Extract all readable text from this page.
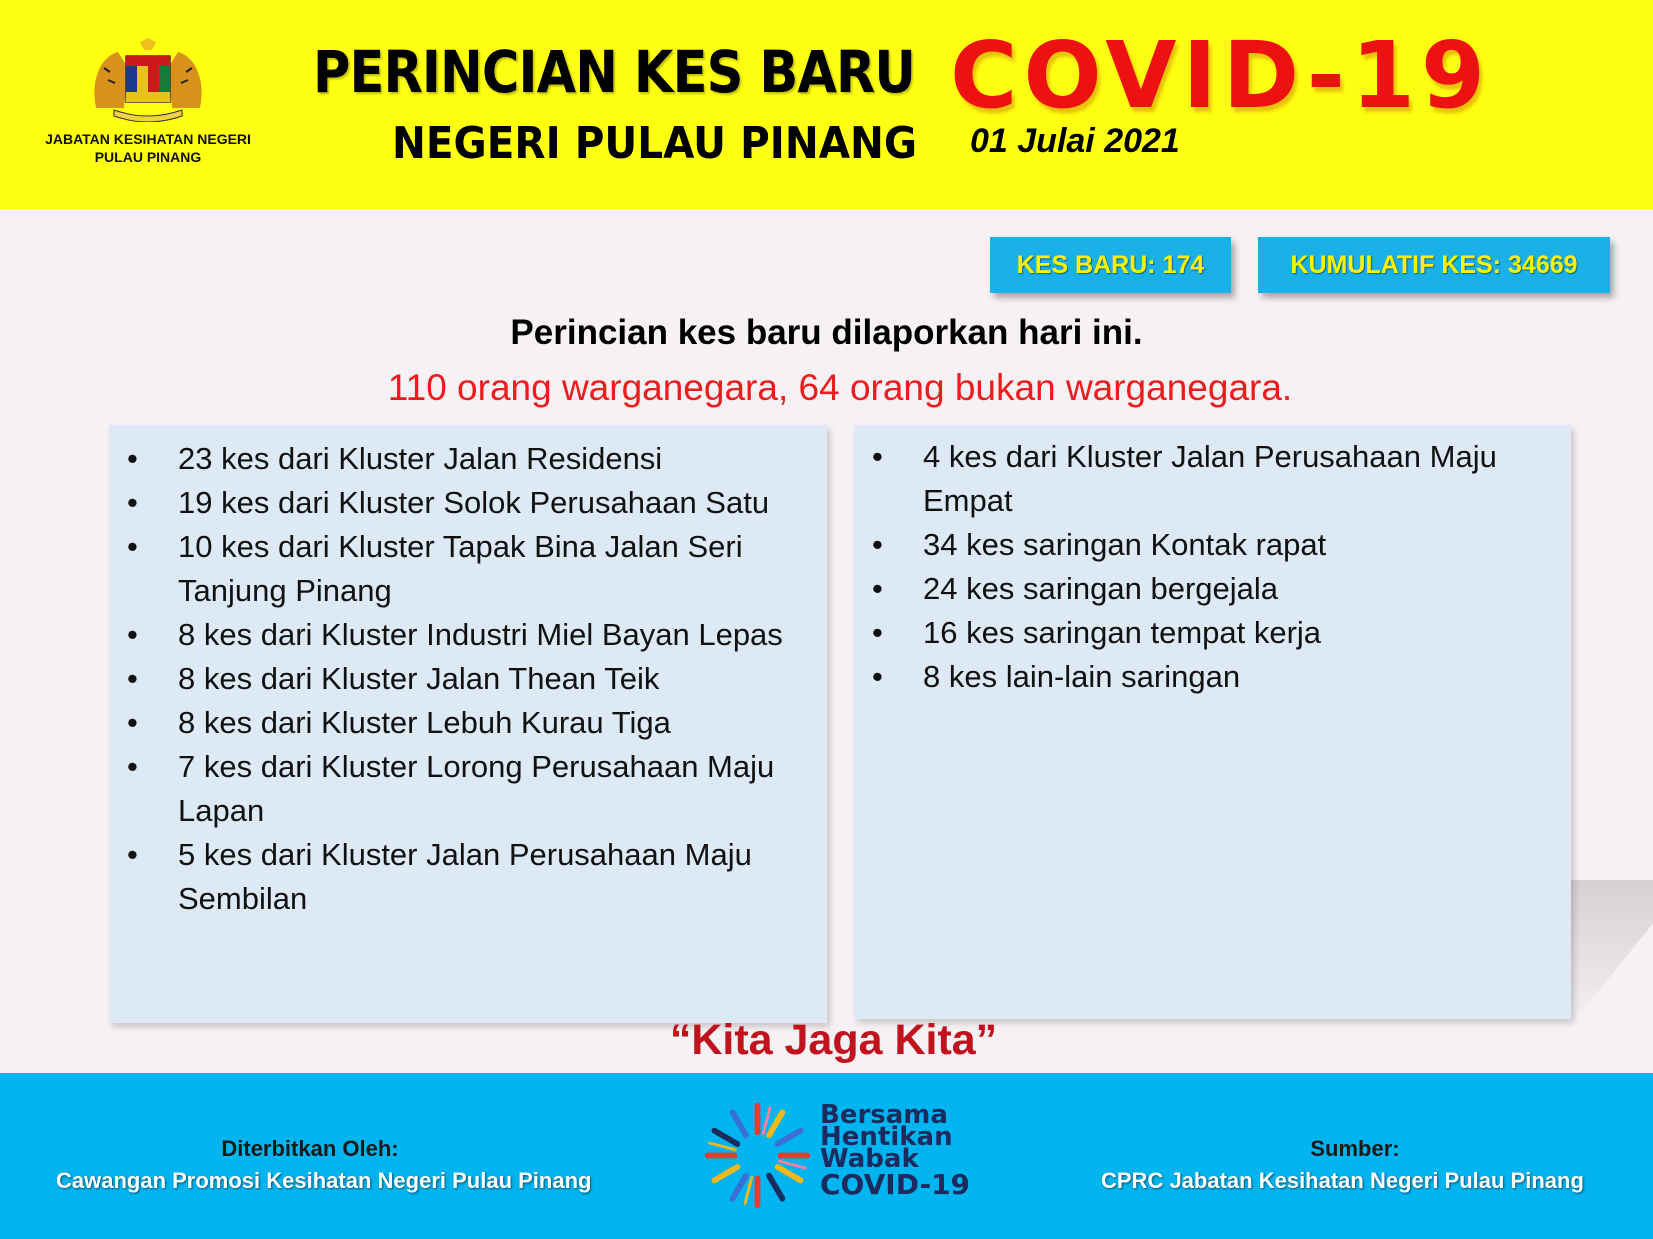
JABATAN KESIHATAN NEGERI
PULAU PINANG
PERINCIAN KES BARU COVID-19
NEGERI PULAU PINANG 01 Julai 2021
KES BARU: 174	KUMULATIF KES: 34669
Perincian kes baru dilaporkan hari ini.
110 orang warganegara, 64 orang bukan warganegara.
• 23 kes dari Kluster Jalan Residensi
• 19 kes dari Kluster Solok Perusahaan Satu
• 10 kes dari Kluster Tapak Bina Jalan Seri Tanjung Pinang
• 8 kes dari Kluster Industri Miel Bayan Lepas
• 8 kes dari Kluster Jalan Thean Teik
• 8 kes dari Kluster Lebuh Kurau Tiga
• 7 kes dari Kluster Lorong Perusahaan Maju Lapan
• 5 kes dari Kluster Jalan Perusahaan Maju Sembilan
• 4 kes dari Kluster Jalan Perusahaan Maju Empat
• 34 kes saringan Kontak rapat
• 24 kes saringan bergejala
• 16 kes saringan tempat kerja
• 8 kes lain-lain saringan
“Kita Jaga Kita”
Diterbitkan Oleh:
Cawangan Promosi Kesihatan Negeri Pulau Pinang
Sumber:
CPRC Jabatan Kesihatan Negeri Pulau Pinang
Bersama
Hentikan
Wabak
COVID-19
